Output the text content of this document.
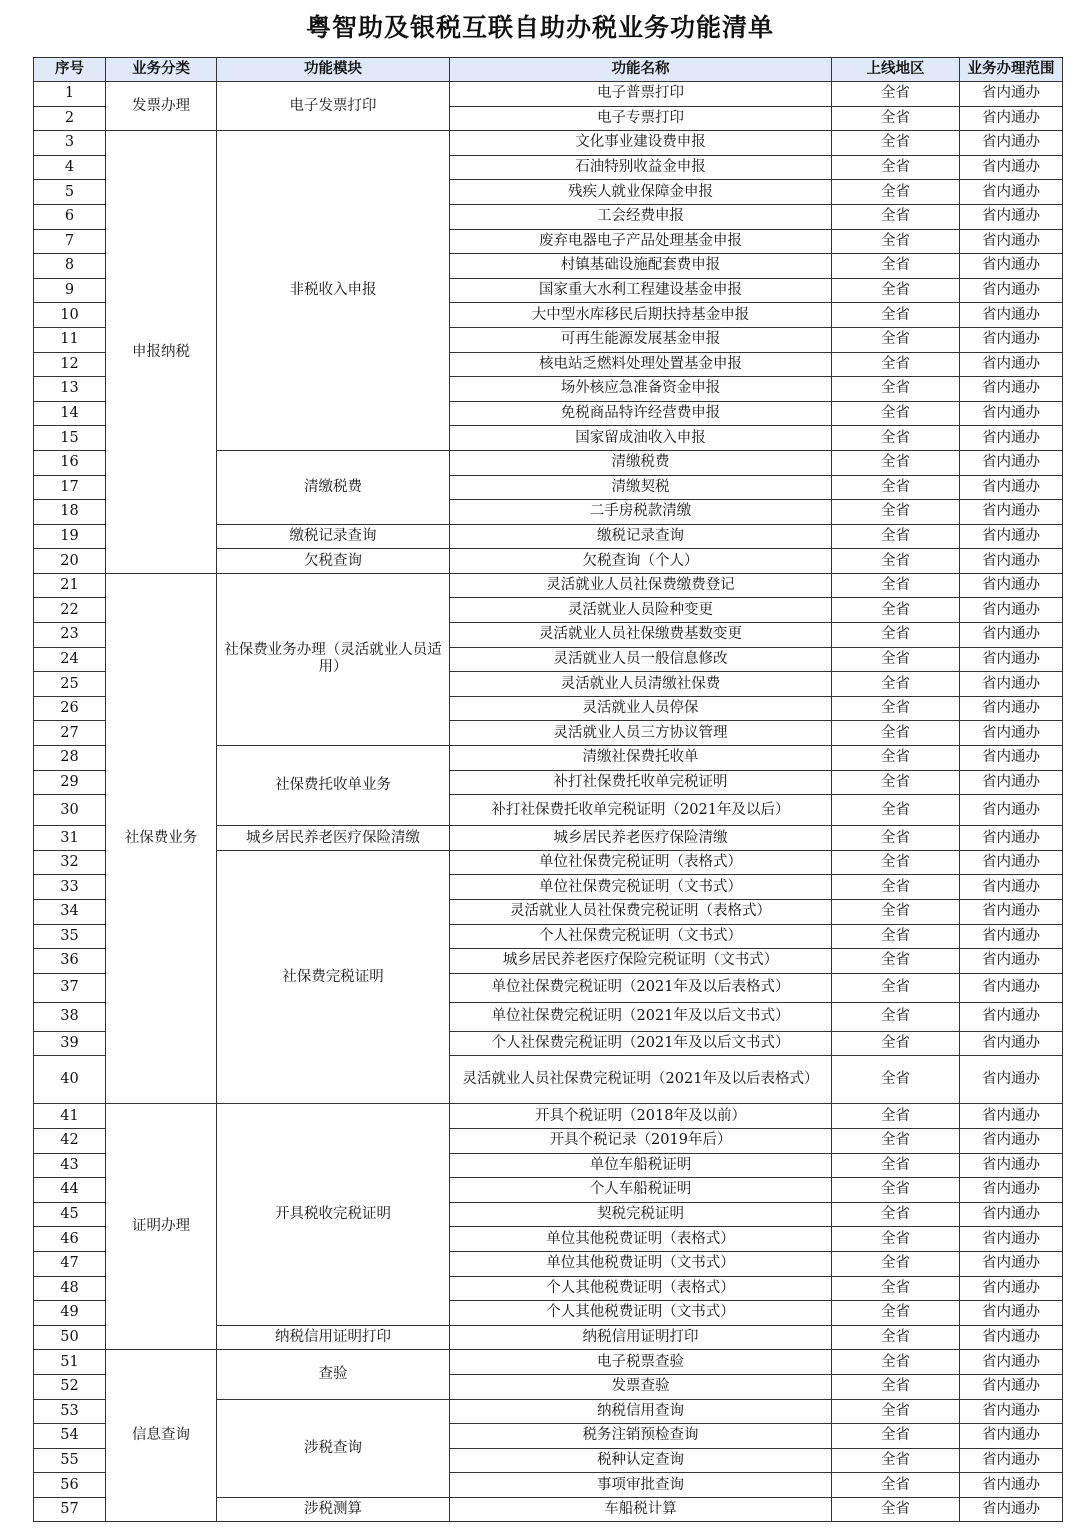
粤智助及银税互联自助办税业务功能清单
序号	业务分类	功能模块	功能名称	上线地区	业务办理范围
1	发票办理	电子发票打印	电子普票打印	全省	省内通办
2			电子专票打印	全省	省内通办
3	申报纳税	非税收入申报	文化事业建设费申报	全省	省内通办
4			石油特别收益金申报	全省	省内通办
5			残疾人就业保障金申报	全省	省内通办
6			工会经费申报	全省	省内通办
7			废弃电器电子产品处理基金申报	全省	省内通办
8			村镇基础设施配套费申报	全省	省内通办
9			国家重大水利工程建设基金申报	全省	省内通办
10			大中型水库移民后期扶持基金申报	全省	省内通办
11			可再生能源发展基金申报	全省	省内通办
12			核电站乏燃料处理处置基金申报	全省	省内通办
13			场外核应急准备资金申报	全省	省内通办
14			免税商品特许经营费申报	全省	省内通办
15			国家留成油收入申报	全省	省内通办
16		清缴税费	清缴税费	全省	省内通办
17			清缴契税	全省	省内通办
18			二手房税款清缴	全省	省内通办
19		缴税记录查询	缴税记录查询	全省	省内通办
20		欠税查询	欠税查询（个人）	全省	省内通办
21	社保费业务	社保费业务办理（灵活就业人员适用）	灵活就业人员社保费缴费登记	全省	省内通办
22			灵活就业人员险种变更	全省	省内通办
23			灵活就业人员社保缴费基数变更	全省	省内通办
24			灵活就业人员一般信息修改	全省	省内通办
25			灵活就业人员清缴社保费	全省	省内通办
26			灵活就业人员停保	全省	省内通办
27			灵活就业人员三方协议管理	全省	省内通办
28		社保费托收单业务	清缴社保费托收单	全省	省内通办
29			补打社保费托收单完税证明	全省	省内通办
30			补打社保费托收单完税证明（2021年及以后）	全省	省内通办
31		城乡居民养老医疗保险清缴	城乡居民养老医疗保险清缴	全省	省内通办
32		社保费完税证明	单位社保费完税证明（表格式）	全省	省内通办
33			单位社保费完税证明（文书式）	全省	省内通办
34			灵活就业人员社保费完税证明（表格式）	全省	省内通办
35			个人社保费完税证明（文书式）	全省	省内通办
36			城乡居民养老医疗保险完税证明（文书式）	全省	省内通办
37			单位社保费完税证明（2021年及以后表格式）	全省	省内通办
38			单位社保费完税证明（2021年及以后文书式）	全省	省内通办
39			个人社保费完税证明（2021年及以后文书式）	全省	省内通办
40			灵活就业人员社保费完税证明（2021年及以后表格式）	全省	省内通办
41	证明办理	开具税收完税证明	开具个税证明（2018年及以前）	全省	省内通办
42			开具个税记录（2019年后）	全省	省内通办
43			单位车船税证明	全省	省内通办
44			个人车船税证明	全省	省内通办
45			契税完税证明	全省	省内通办
46			单位其他税费证明（表格式）	全省	省内通办
47			单位其他税费证明（文书式）	全省	省内通办
48			个人其他税费证明（表格式）	全省	省内通办
49			个人其他税费证明（文书式）	全省	省内通办
50		纳税信用证明打印	纳税信用证明打印	全省	省内通办
51	信息查询	查验	电子税票查验	全省	省内通办
52			发票查验	全省	省内通办
53		涉税查询	纳税信用查询	全省	省内通办
54			税务注销预检查询	全省	省内通办
55			税种认定查询	全省	省内通办
56			事项审批查询	全省	省内通办
57		涉税测算	车船税计算	全省	省内通办
